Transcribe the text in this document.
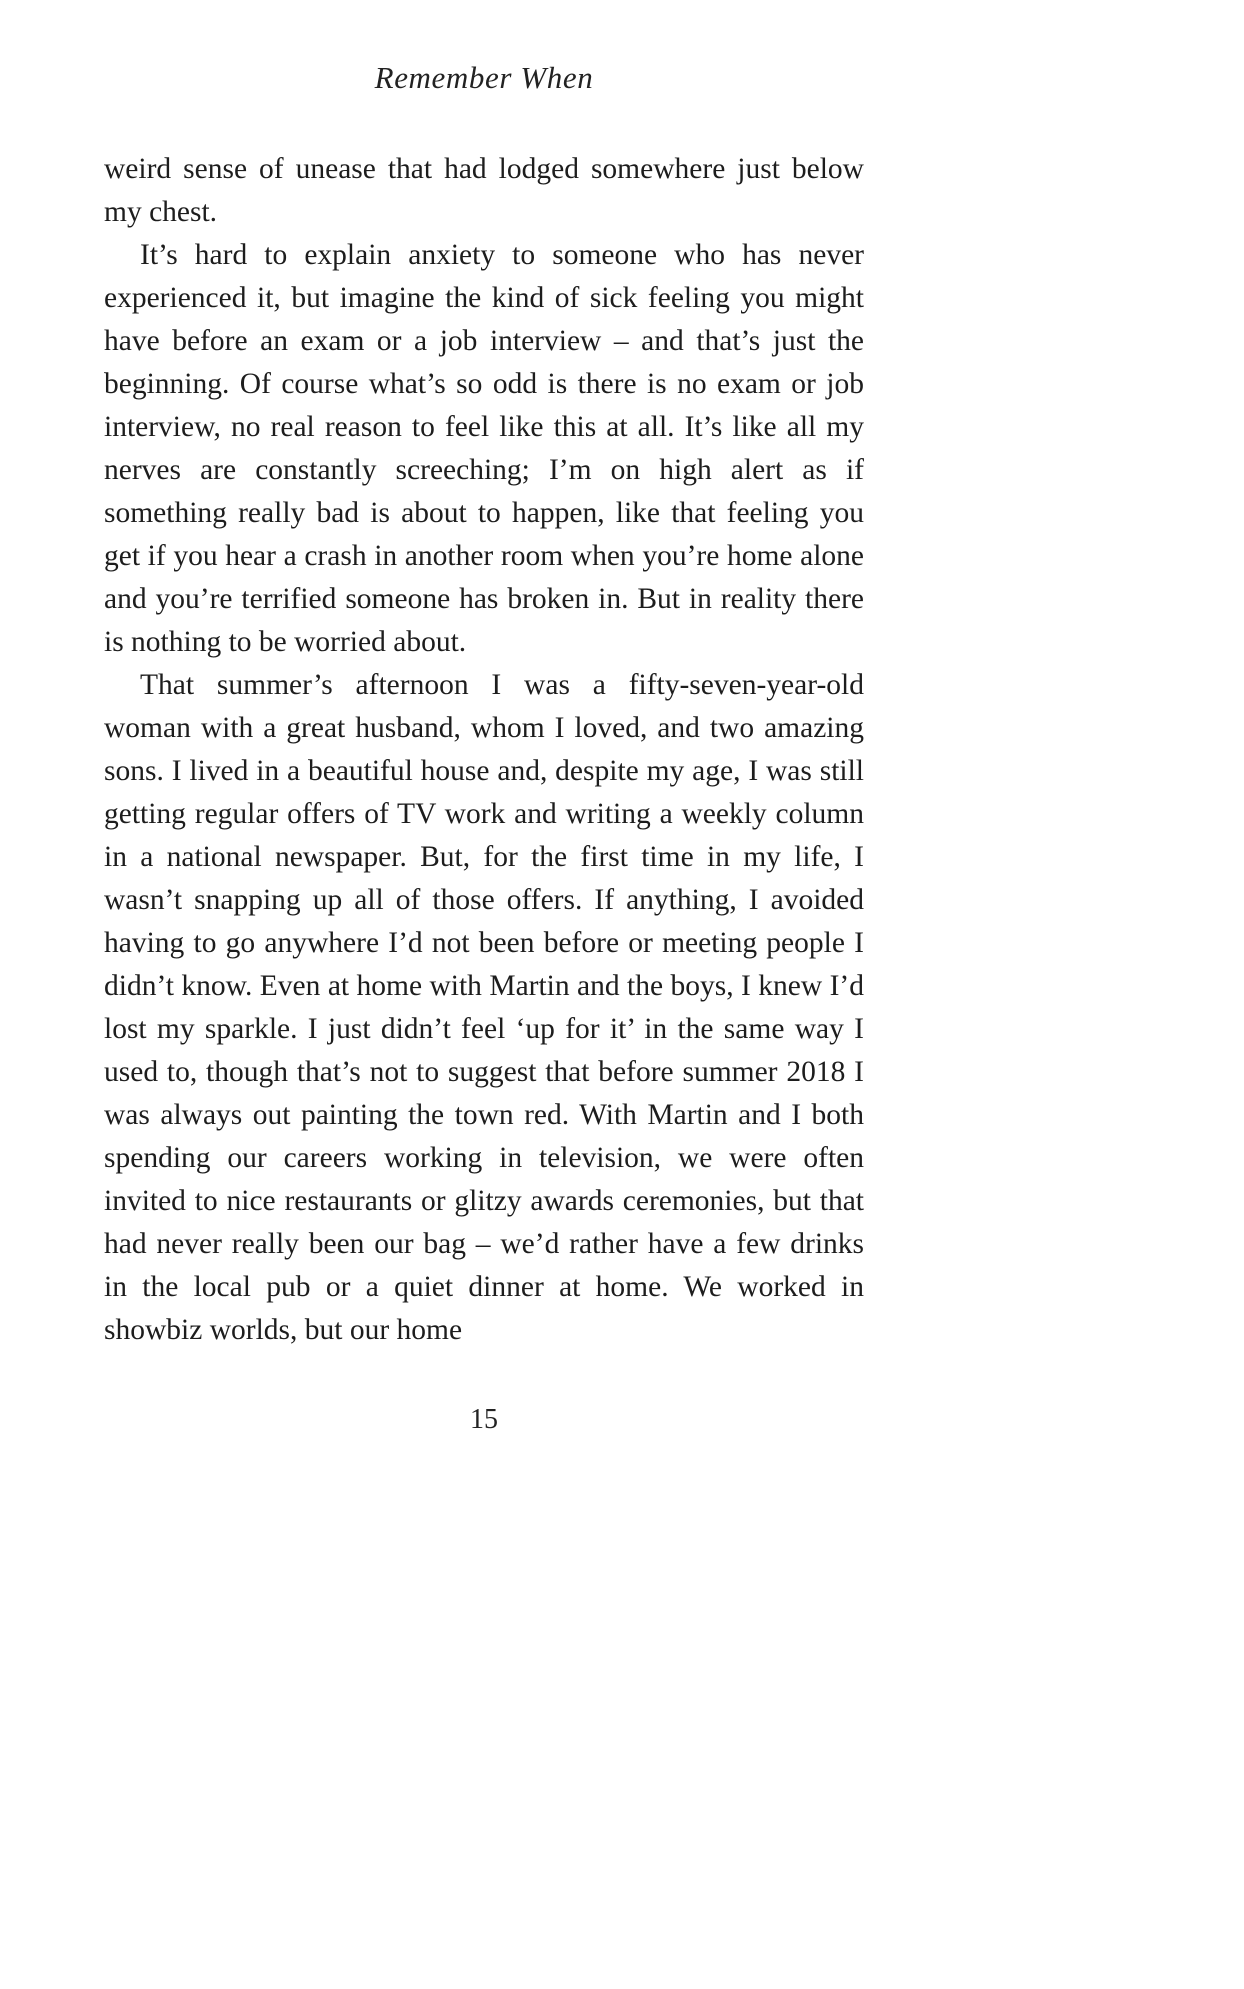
Remember When

weird sense of unease that had lodged somewhere just below my chest.

It’s hard to explain anxiety to someone who has never experienced it, but imagine the kind of sick feeling you might have before an exam or a job interview – and that’s just the beginning. Of course what’s so odd is there is no exam or job interview, no real reason to feel like this at all. It’s like all my nerves are constantly screeching; I’m on high alert as if something really bad is about to happen, like that feeling you get if you hear a crash in another room when you’re home alone and you’re terrified someone has broken in. But in reality there is nothing to be worried about.

That summer’s afternoon I was a fifty-seven-year-old woman with a great husband, whom I loved, and two amazing sons. I lived in a beautiful house and, despite my age, I was still getting regular offers of TV work and writing a weekly column in a national newspaper. But, for the first time in my life, I wasn’t snapping up all of those offers. If anything, I avoided having to go anywhere I’d not been before or meeting people I didn’t know. Even at home with Martin and the boys, I knew I’d lost my sparkle. I just didn’t feel ‘up for it’ in the same way I used to, though that’s not to suggest that before summer 2018 I was always out painting the town red. With Martin and I both spending our careers working in television, we were often invited to nice restaurants or glitzy awards ceremonies, but that had never really been our bag – we’d rather have a few drinks in the local pub or a quiet dinner at home. We worked in showbiz worlds, but our home

15
